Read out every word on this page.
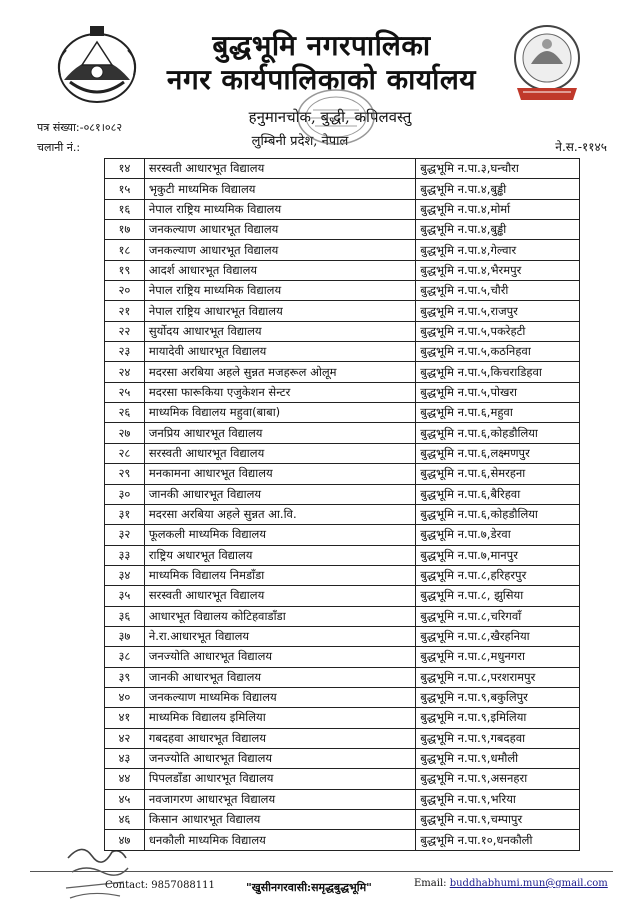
बुद्धभूमि नगरपालिका
नगर कार्यपालिकाको कार्यालय
हनुमानचोक, बुद्धी, कपिलवस्तु
लुम्बिनी प्रदेश, नेपाल
पत्र संख्या:-०८१।०८२
चलानी नं.:	ने.स.-११४५
१४	सरस्वती आधारभूत विद्यालय	बुद्धभूमि न.पा.३,घन्चौरा
१५	भृकुटी माध्यमिक विद्यालय	बुद्धभूमि न.पा.४,बुड्ढी
१६	नेपाल राष्ट्रिय माध्यमिक विद्यालय	बुद्धभूमि न.पा.४,मोर्मा
१७	जनकल्याण आधारभूत विद्यालय	बुद्धभूमि न.पा.४,बुड्ढी
१८	जनकल्याण आधारभूत विद्यालय	बुद्धभूमि न.पा.४,गेल्वार
१९	आदर्श आधारभूत विद्यालय	बुद्धभूमि न.पा.४,भैरमपुर
२०	नेपाल राष्ट्रिय माध्यमिक विद्यालय	बुद्धभूमि न.पा.५,चौरी
२१	नेपाल राष्ट्रिय आधारभूत विद्यालय	बुद्धभूमि न.पा.५,राजपुर
२२	सुर्योदय आधारभूत विद्यालय	बुद्धभूमि न.पा.५,पकरेहटी
२३	मायादेवी आधारभूत विद्यालय	बुद्धभूमि न.पा.५,कठनिहवा
२४	मदरसा अरबिया अहले सुन्नत मजहरूल ओलूम	बुद्धभूमि न.पा.५,किचराडिहवा
२५	मदरसा फारूकिया एजुकेशन सेन्टर	बुद्धभूमि न.पा.५,पोखरा
२६	माध्यमिक विद्यालय महुवा(बाबा)	बुद्धभूमि न.पा.६,महुवा
२७	जनप्रिय आधारभूत विद्यालय	बुद्धभूमि न.पा.६,कोहडौलिया
२८	सरस्वती आधारभूत विद्यालय	बुद्धभूमि न.पा.६,लक्ष्मणपुर
२९	मनकामना आधारभूत विद्यालय	बुद्धभूमि न.पा.६,सेमरहना
३०	जानकी आधारभूत विद्यालय	बुद्धभूमि न.पा.६,बैरिहवा
३१	मदरसा अरबिया अहले सुन्नत आ.वि.	बुद्धभूमि न.पा.६,कोहडौलिया
३२	फूलकली माध्यमिक विद्यालय	बुद्धभूमि न.पा.७,डेरवा
३३	राष्ट्रिय अधारभूत विद्यालय	बुद्धभूमि न.पा.७,मानपुर
३४	माध्यमिक विद्यालय निमडाँडा	बुद्धभूमि न.पा.८,हरिहरपुर
३५	सरस्वती आधारभूत विद्यालय	बुद्धभूमि न.पा.८, झुसिया
३६	आधारभूत विद्यालय कोटिहवाडाँडा	बुद्धभूमि न.पा.८,चरिगवाँ
३७	ने.रा.आधारभूत विद्यालय	बुद्धभूमि न.पा.८,खैरहनिया
३८	जनज्योति आधारभूत विद्यालय	बुद्धभूमि न.पा.८,मधुनगरा
३९	जानकी आधारभूत विद्यालय	बुद्धभूमि न.पा.८,परशरामपुर
४०	जनकल्याण माध्यमिक विद्यालय	बुद्धभूमि न.पा.९,बकुलिपुर
४१	माध्यमिक विद्यालय इमिलिया	बुद्धभूमि न.पा.९,इमिलिया
४२	गबदहवा आधारभूत विद्यालय	बुद्धभूमि न.पा.९,गबदहवा
४३	जनज्योति आधारभूत विद्यालय	बुद्धभूमि न.पा.९,धमौली
४४	पिपलडाँडा आधारभूत विद्यालय	बुद्धभूमि न.पा.९,असनहरा
४५	नवजागरण आधारभूत विद्यालय	बुद्धभूमि न.पा.९,भरिया
४६	किसान आधारभूत विद्यालय	बुद्धभूमि न.पा.९,चम्पापुर
४७	धनकौली माध्यमिक विद्यालय	बुद्धभूमि न.पा.१०,धनकौली
Contact: 9857088111	"खुसीनगरवासी:समृद्धबुद्धभूमि"	Email: buddhabhumi.mun@gmail.com
